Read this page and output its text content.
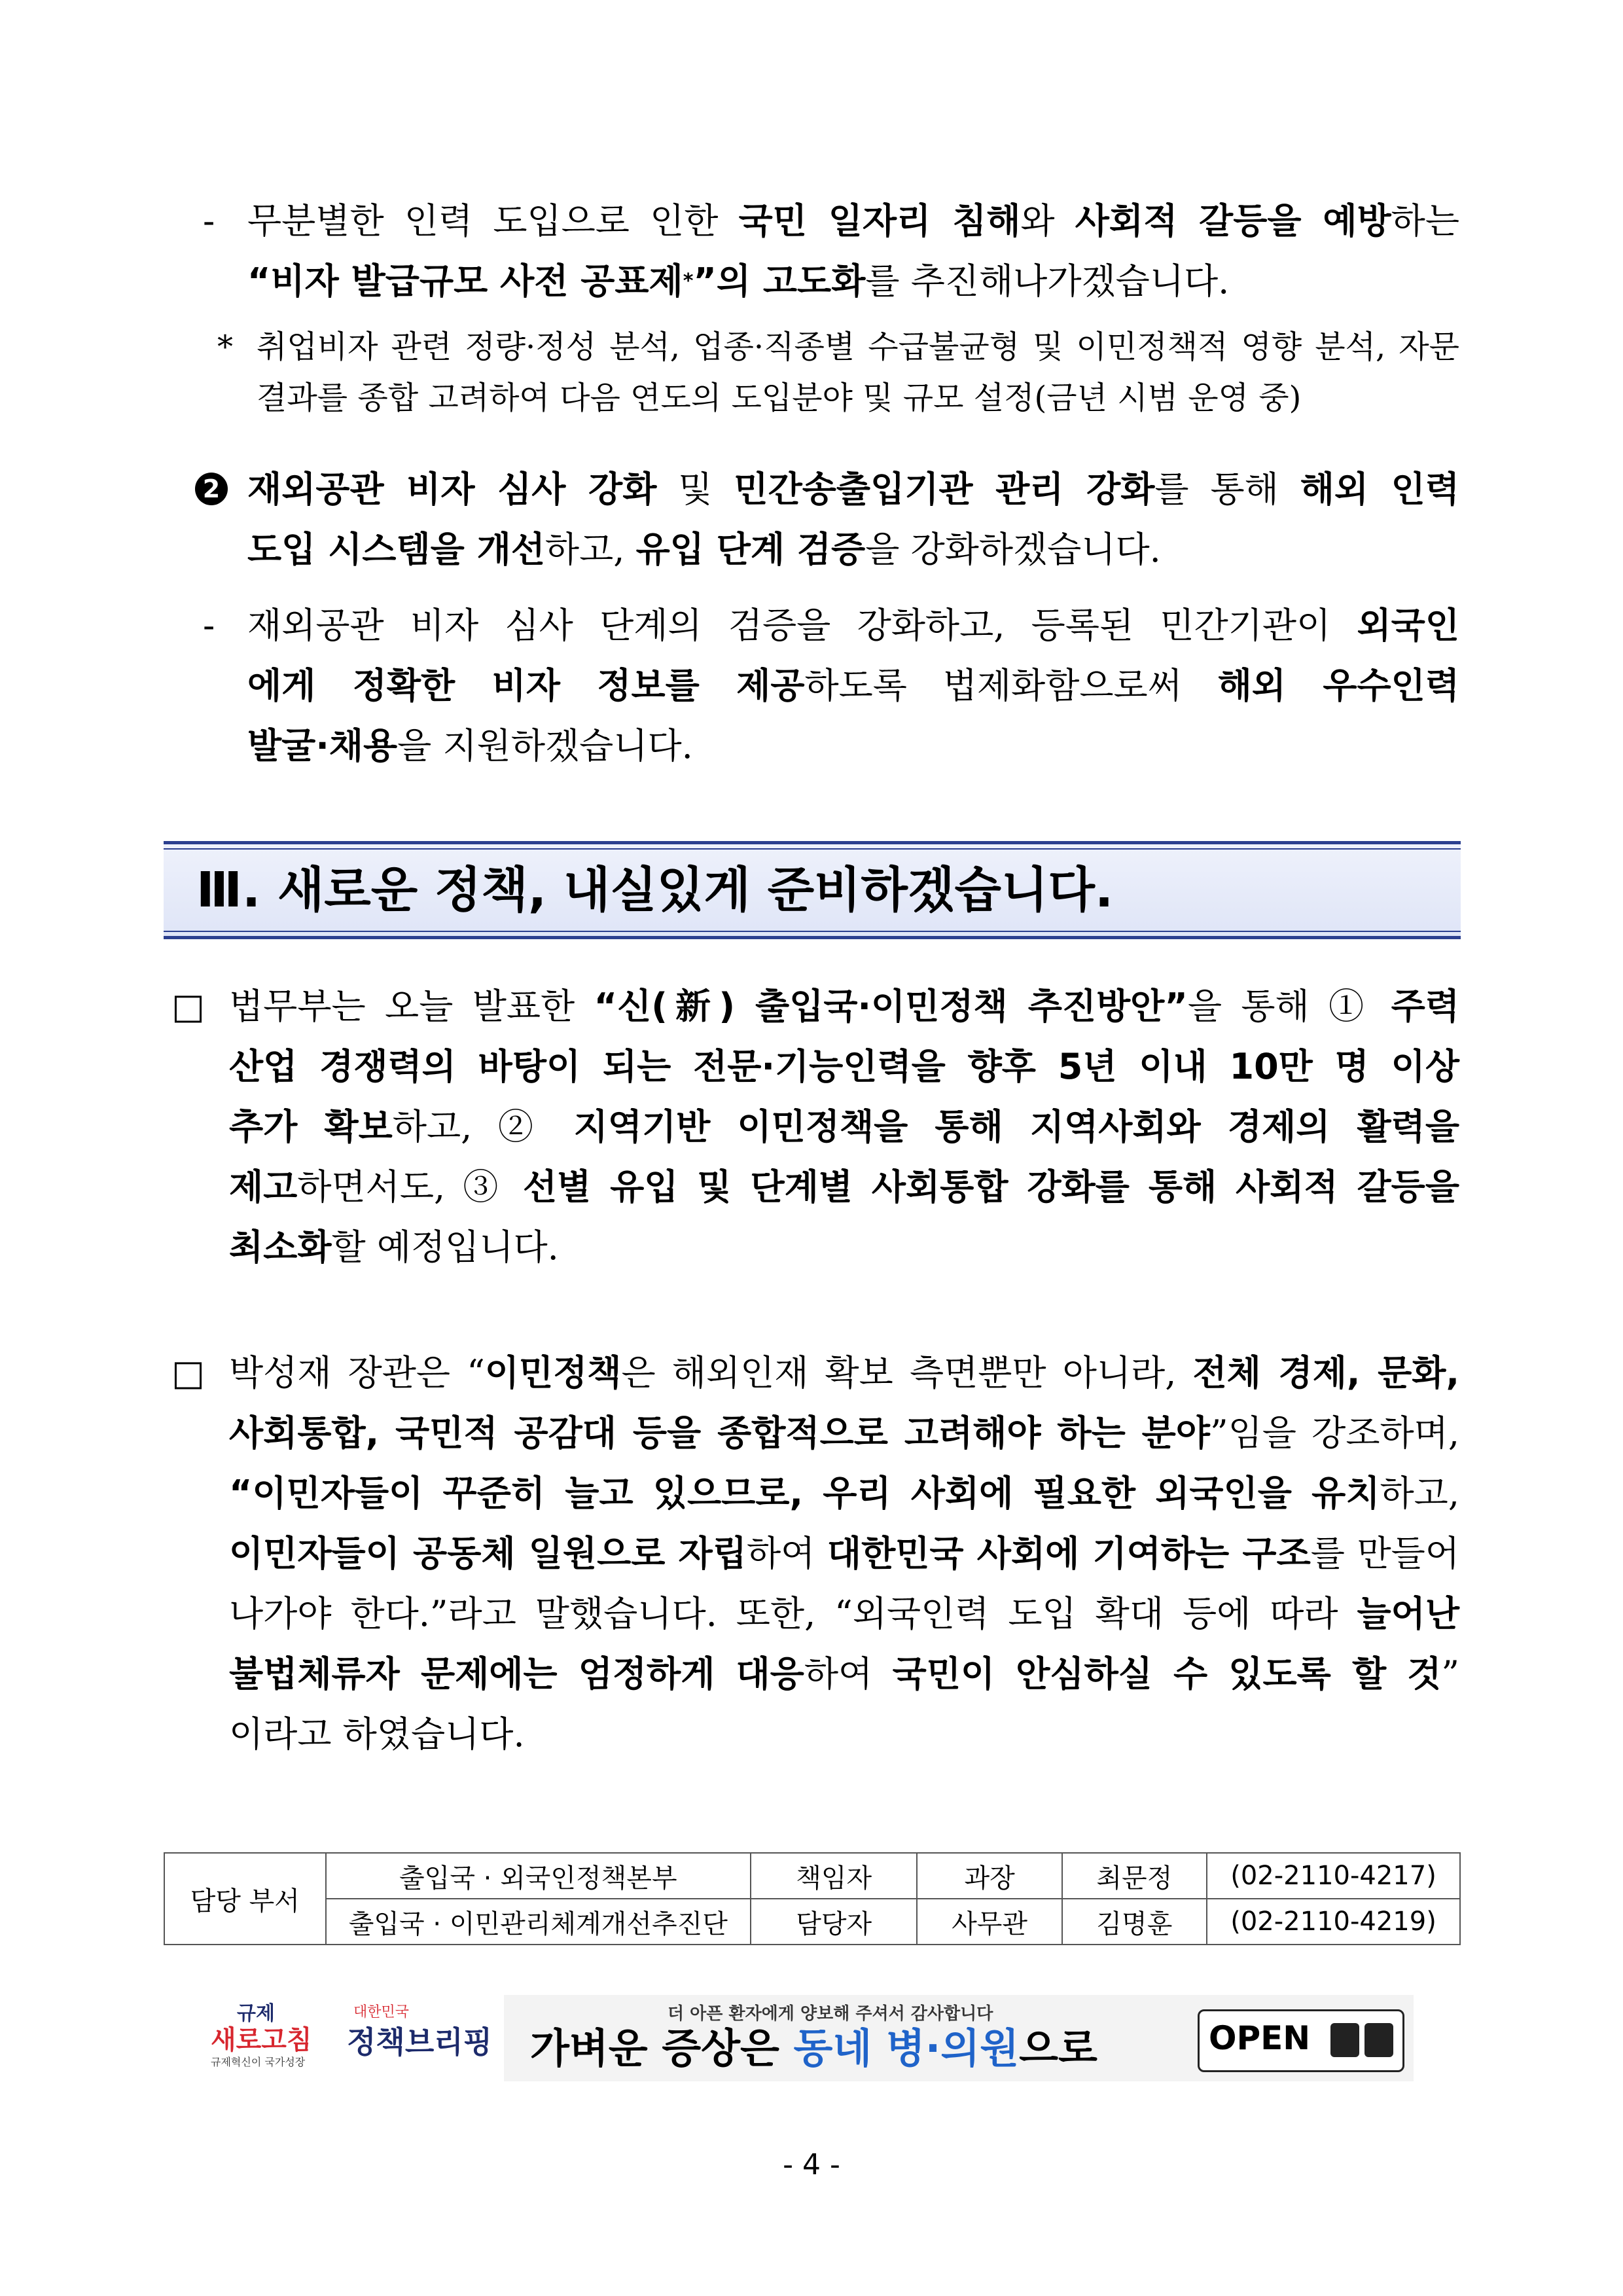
- 무분별한 인력 도입으로 인한 국민 일자리 침해와 사회적 갈등을 예방하는
“비자 발급규모 사전 공표제*”의 고도화를 추진해나가겠습니다.
* 취업비자 관련 정량·정성 분석, 업종·직종별 수급불균형 및 이민정책적 영향 분석, 자문
결과를 종합 고려하여 다음 연도의 도입분야 및 규모 설정(금년 시범 운영 중)
2 재외공관 비자 심사 강화 및 민간송출입기관 관리 강화를 통해 해외 인력
도입 시스템을 개선하고, 유입 단계 검증을 강화하겠습니다.
- 재외공관 비자 심사 단계의 검증을 강화하고, 등록된 민간기관이 외국인
에게 정확한 비자 정보를 제공하도록 법제화함으로써 해외 우수인력
발굴·채용을 지원하겠습니다.
Ⅲ. 새로운 정책, 내실있게 준비하겠습니다.
□ 법무부는 오늘 발표한 “신(新) 출입국·이민정책 추진방안”을 통해 ① 주력
산업 경쟁력의 바탕이 되는 전문·기능인력을 향후 5년 이내 10만 명 이상
추가 확보하고, ② 지역기반 이민정책을 통해 지역사회와 경제의 활력을
제고하면서도, ③ 선별 유입 및 단계별 사회통합 강화를 통해 사회적 갈등을
최소화할 예정입니다.
□ 박성재 장관은 “이민정책은 해외인재 확보 측면뿐만 아니라, 전체 경제, 문화,
사회통합, 국민적 공감대 등을 종합적으로 고려해야 하는 분야”임을 강조하며,
“이민자들이 꾸준히 늘고 있으므로, 우리 사회에 필요한 외국인을 유치하고,
이민자들이 공동체 일원으로 자립하여 대한민국 사회에 기여하는 구조를 만들어
나가야 한다.”라고 말했습니다. 또한, “외국인력 도입 확대 등에 따라 늘어난
불법체류자 문제에는 엄정하게 대응하여 국민이 안심하실 수 있도록 할 것”
이라고 하였습니다.
담당 부서	출입국 · 외국인정책본부	책임자	과장	최문정	(02-2110-4217)
	출입국 · 이민관리체계개선추진단	담당자	사무관	김명훈	(02-2110-4219)
규제
새로고침
규제혁신이 국가성장
대한민국
정책브리핑
더 아픈 환자에게 양보해 주셔서 감사합니다
가벼운 증상은 동네 병·의원으로	OPEN
- 4 -
